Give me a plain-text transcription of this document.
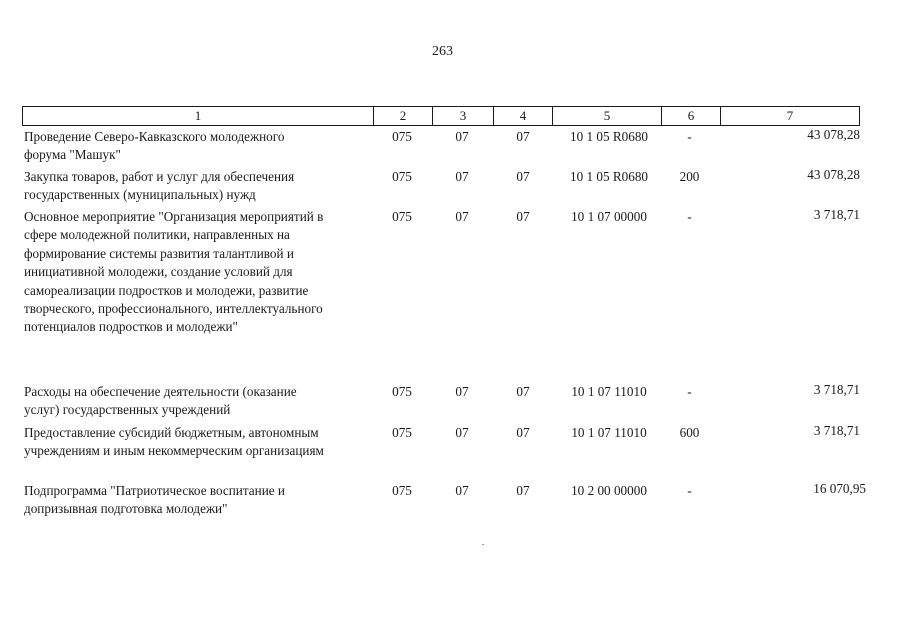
263
1	2	3	4	5	6	7
Проведение Северо-Кавказского молодежного
форума "Машук"
075	07	07	10 1 05 R0680	-	43 078,28
Закупка товаров, работ и услуг для обеспечения
государственных (муниципальных) нужд
075	07	07	10 1 05 R0680	200	43 078,28
Основное мероприятие "Организация мероприятий в
сфере молодежной политики, направленных на
формирование системы развития талантливой и
инициативной молодежи, создание условий для
самореализации подростков и молодежи, развитие
творческого, профессионального, интеллектуального
потенциалов подростков и молодежи"
075	07	07	10 1 07 00000	-	3 718,71
Расходы на обеспечение деятельности (оказание
услуг) государственных учреждений
075	07	07	10 1 07 11010	-	3 718,71
Предоставление субсидий бюджетным, автономным
учреждениям и иным некоммерческим организациям
075	07	07	10 1 07 11010	600	3 718,71
Подпрограмма "Патриотическое воспитание и
допризывная подготовка молодежи"
075	07	07	10 2 00 00000	-	16 070,95
